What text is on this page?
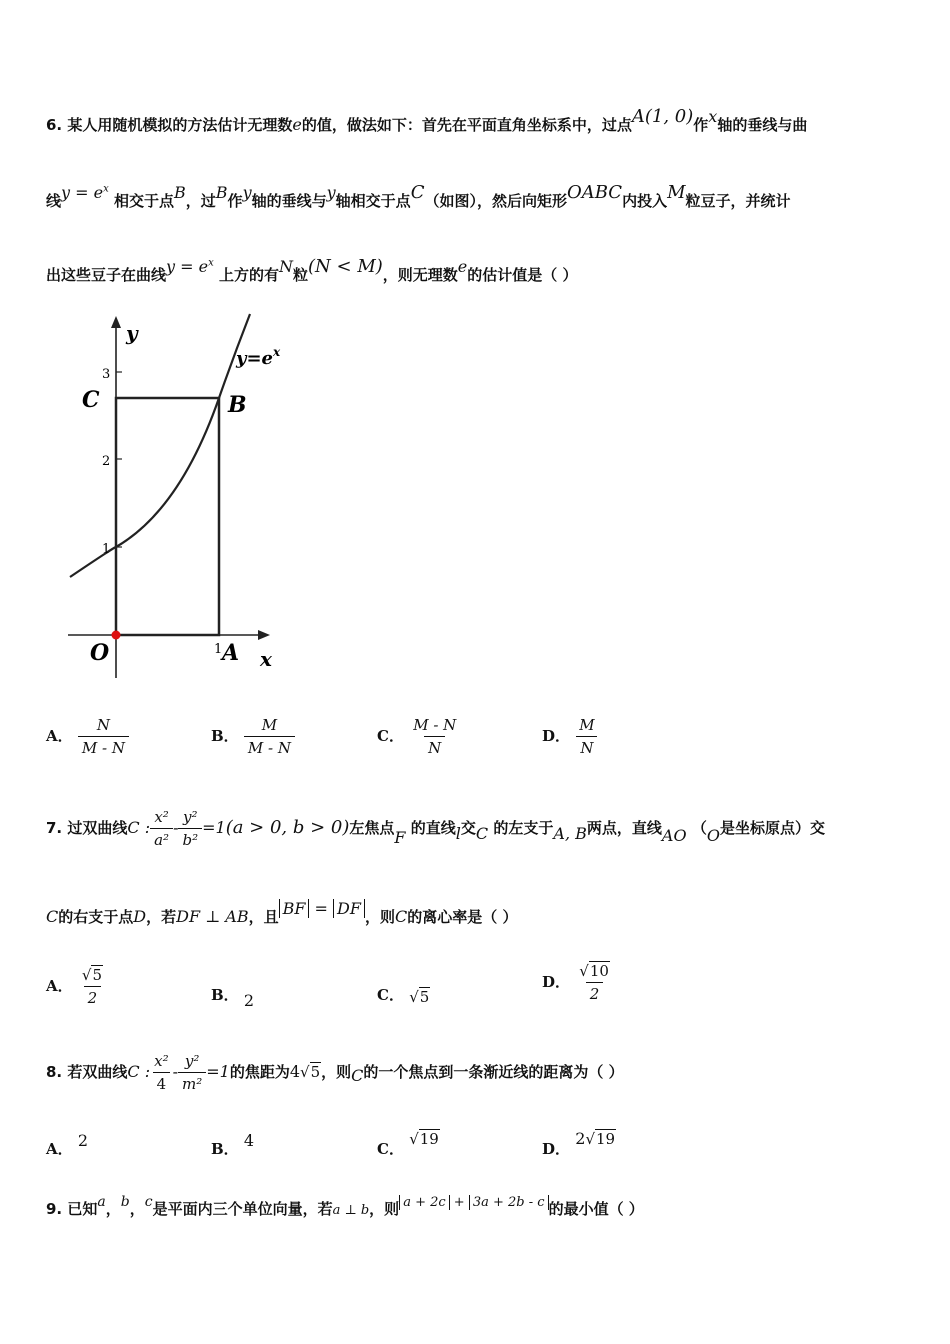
6. 某人用随机模拟的方法估计无理数e的值，做法如下：首先在平面直角坐标系中，过点A(1, 0)作x轴的垂线与曲
线$y = e^x$ 相交于点B，过B作y轴的垂线与y轴相交于点C（如图），然后向矩形OABC内投入M粒豆子，并统计
出这些豆子在曲线$y = e^x$ 上方的有N粒(N < M)，则无理数e的估计值是（ ）
y
x
3
2
1
1
C	B
O	A
$y=e^x$
A． $\frac{N}{M - N}$	B． $\frac{M}{M - N}$	C． $\frac{M - N}{N}$	D． $\frac{M}{N}$
7. 过双曲线C : $\frac{\text{x²}}{\text{a²}} - \frac{\text{y²}}{\text{b²}} =1(a > 0$, b > 0)左焦点F 的直线l交C 的左支于A, B两点，直线AO （O是坐标原点）交
C的右支于点D，若DF ⊥ AB，且 BF = DF ，则C的离心率是（ ）
A． $\frac{√5}{2}$	B． 2	C． √5
D． $\frac{√10}{2}$
8. 若双曲线C : $\frac{\text{x²}}{4} - \frac{\text{y²}}{\text{m²}} =1$的焦距为4√5，则C的一个焦点到一条渐近线的距离为（ ）
A． 2	B． 4	C． √19
D． 2√19
9. 已知a，b，c是平面内三个单位向量，若a ⊥ b，则 a + 2c + 3a + 2b - c 的最小值（ ）
